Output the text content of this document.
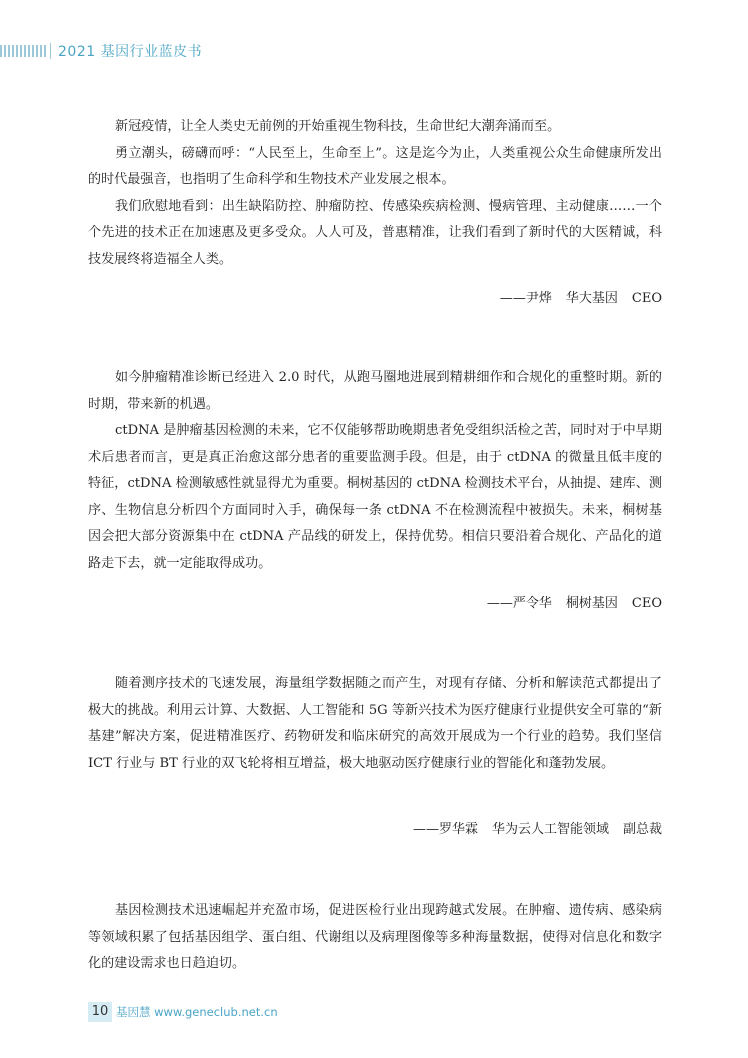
2021 基因行业蓝皮书

新冠疫情，让全人类史无前例的开始重视生物科技，生命世纪大潮奔涌而至。

勇立潮头，磅礴而呼：“人民至上，生命至上”。这是迄今为止，人类重视公众生命健康所发出的时代最强音，也指明了生命科学和生物技术产业发展之根本。

我们欣慰地看到：出生缺陷防控、肿瘤防控、传感染疾病检测、慢病管理、主动健康……一个个先进的技术正在加速惠及更多受众。人人可及，普惠精准，让我们看到了新时代的大医精诚，科技发展终将造福全人类。

——尹烨 华大基因 CEO

如今肿瘤精准诊断已经进入 2.0 时代，从跑马圈地进展到精耕细作和合规化的重整时期。新的时期，带来新的机遇。

ctDNA 是肿瘤基因检测的未来，它不仅能够帮助晚期患者免受组织活检之苦，同时对于中早期术后患者而言，更是真正治愈这部分患者的重要监测手段。但是，由于 ctDNA 的微量且低丰度的特征，ctDNA 检测敏感性就显得尤为重要。桐树基因的 ctDNA 检测技术平台，从抽提、建库、测序、生物信息分析四个方面同时入手，确保每一条 ctDNA 不在检测流程中被损失。未来，桐树基因会把大部分资源集中在 ctDNA 产品线的研发上，保持优势。相信只要沿着合规化、产品化的道路走下去，就一定能取得成功。

——严令华 桐树基因 CEO

随着测序技术的飞速发展，海量组学数据随之而产生，对现有存储、分析和解读范式都提出了极大的挑战。利用云计算、大数据、人工智能和 5G 等新兴技术为医疗健康行业提供安全可靠的“新基建”解决方案，促进精准医疗、药物研发和临床研究的高效开展成为一个行业的趋势。我们坚信 ICT 行业与 BT 行业的双飞轮将相互增益，极大地驱动医疗健康行业的智能化和蓬勃发展。

——罗华霖 华为云人工智能领域 副总裁

基因检测技术迅速崛起并充盈市场，促进医检行业出现跨越式发展。在肿瘤、遗传病、感染病等领域积累了包括基因组学、蛋白组、代谢组以及病理图像等多种海量数据，使得对信息化和数字化的建设需求也日趋迫切。

10 基因慧 www.geneclub.net.cn
